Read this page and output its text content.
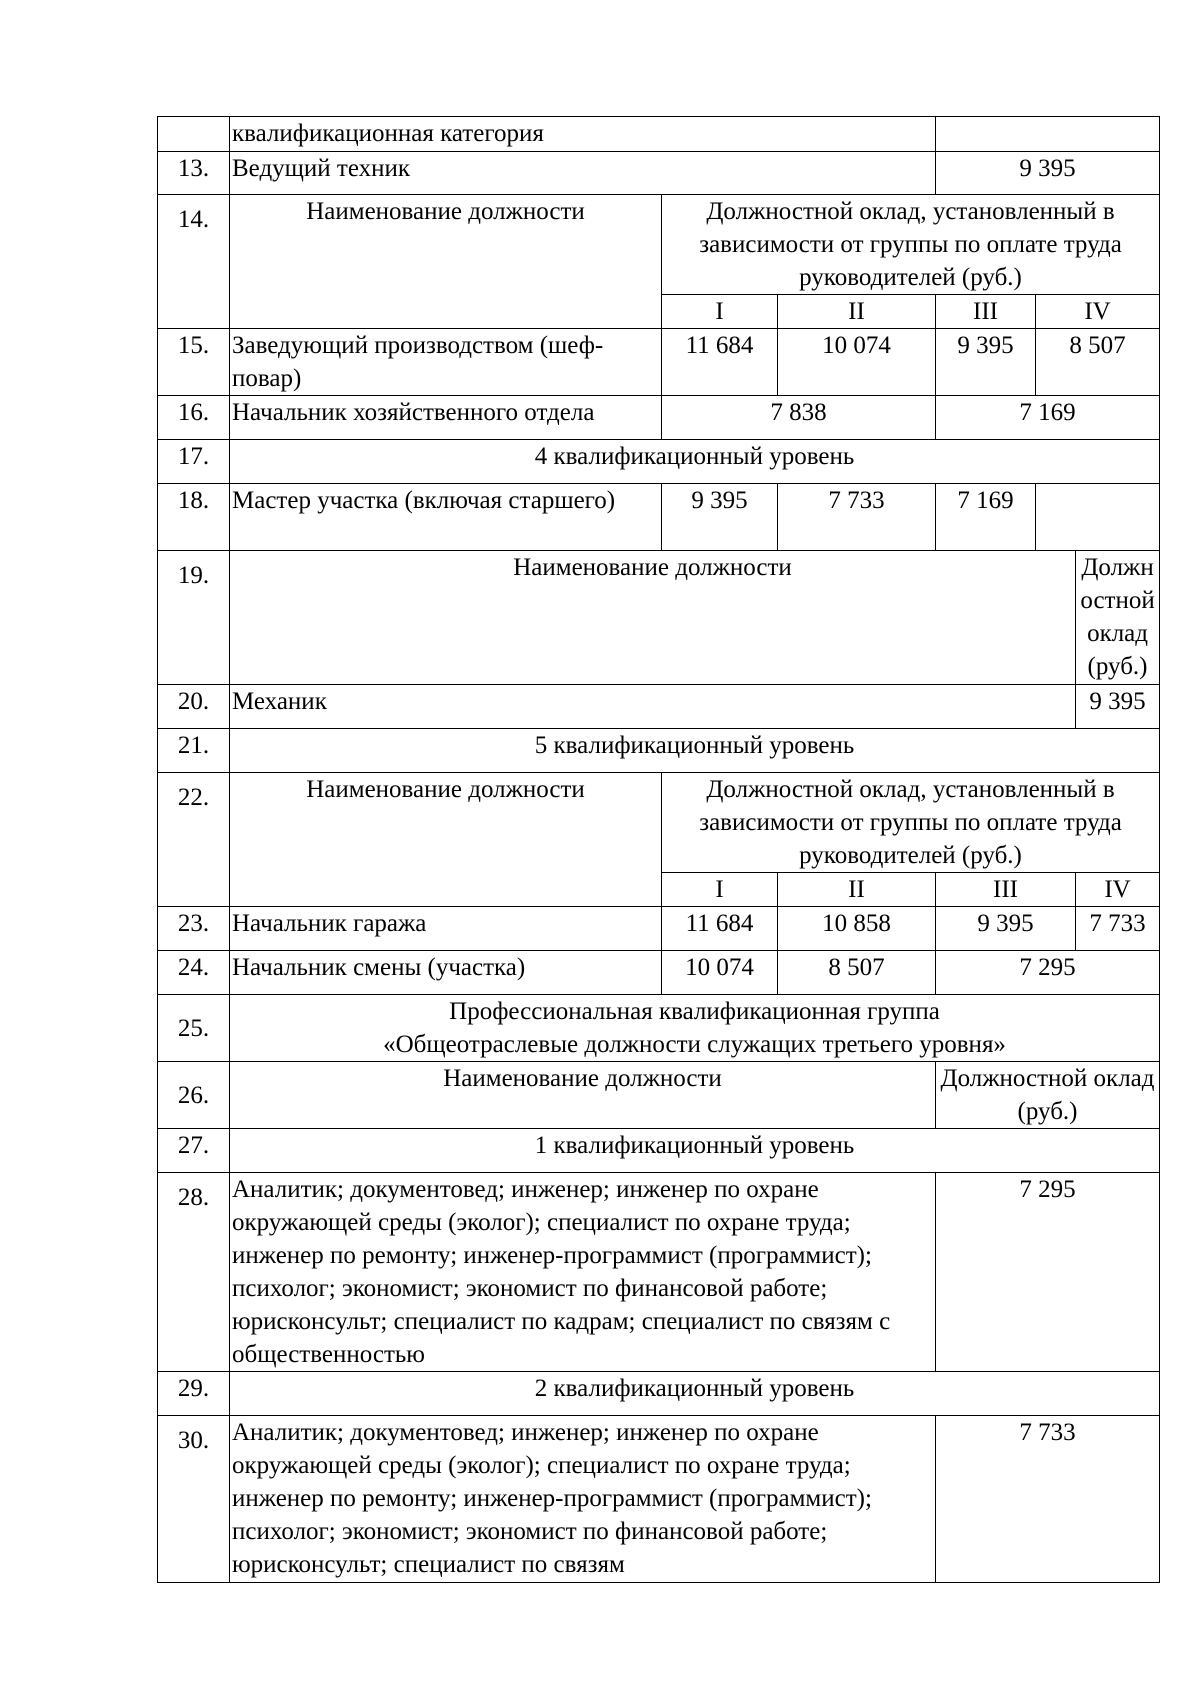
	квалификационная категория					
13.	Ведущий техник			9 395		
14.	Наименование должности	Должностной оклад, установленный в зависимости от группы по оплате труда руководителей (руб.)				
		I	II	III	IV	
15.	Заведующий производством (шеф-повар)	11 684	10 074	9 395	8 507	
16.	Начальник хозяйственного отдела	7 838		7 169		
17.	4 квалификационный уровень					
18.	Мастер участка (включая старшего)	9 395	7 733	7 169		
19.	Наименование должности					Должностной оклад (руб.)
20.	Механик					9 395
21.	5 квалификационный уровень					
22.	Наименование должности	Должностной оклад, установленный в зависимости от группы по оплате труда руководителей (руб.)				
		I	II	III		IV
23.	Начальник гаража	11 684	10 858	9 395		7 733
24.	Начальник смены (участка)	10 074	8 507	7 295		
25.	Профессиональная квалификационная группа
«Общеотраслевые должности служащих третьего уровня»					

26.	Наименование должности			Должностной оклад (руб.)		
27.	1 квалификационный уровень					
28.	Аналитик; документовед; инженер; инженер по охране окружающей среды (эколог); специалист по охране труда; инженер по ремонту; инженер-программист (программист); психолог; экономист; экономист по финансовой работе; юрисконсульт; специалист по кадрам; специалист по связям с общественностью			7 295		
29.	2 квалификационный уровень					
30.	Аналитик; документовед; инженер; инженер по охране окружающей среды (эколог); специалист по охране труда; инженер по ремонту; инженер-программист (программист); психолог; экономист; экономист по финансовой работе; юрисконсульт; специалист по связям			7 733		
